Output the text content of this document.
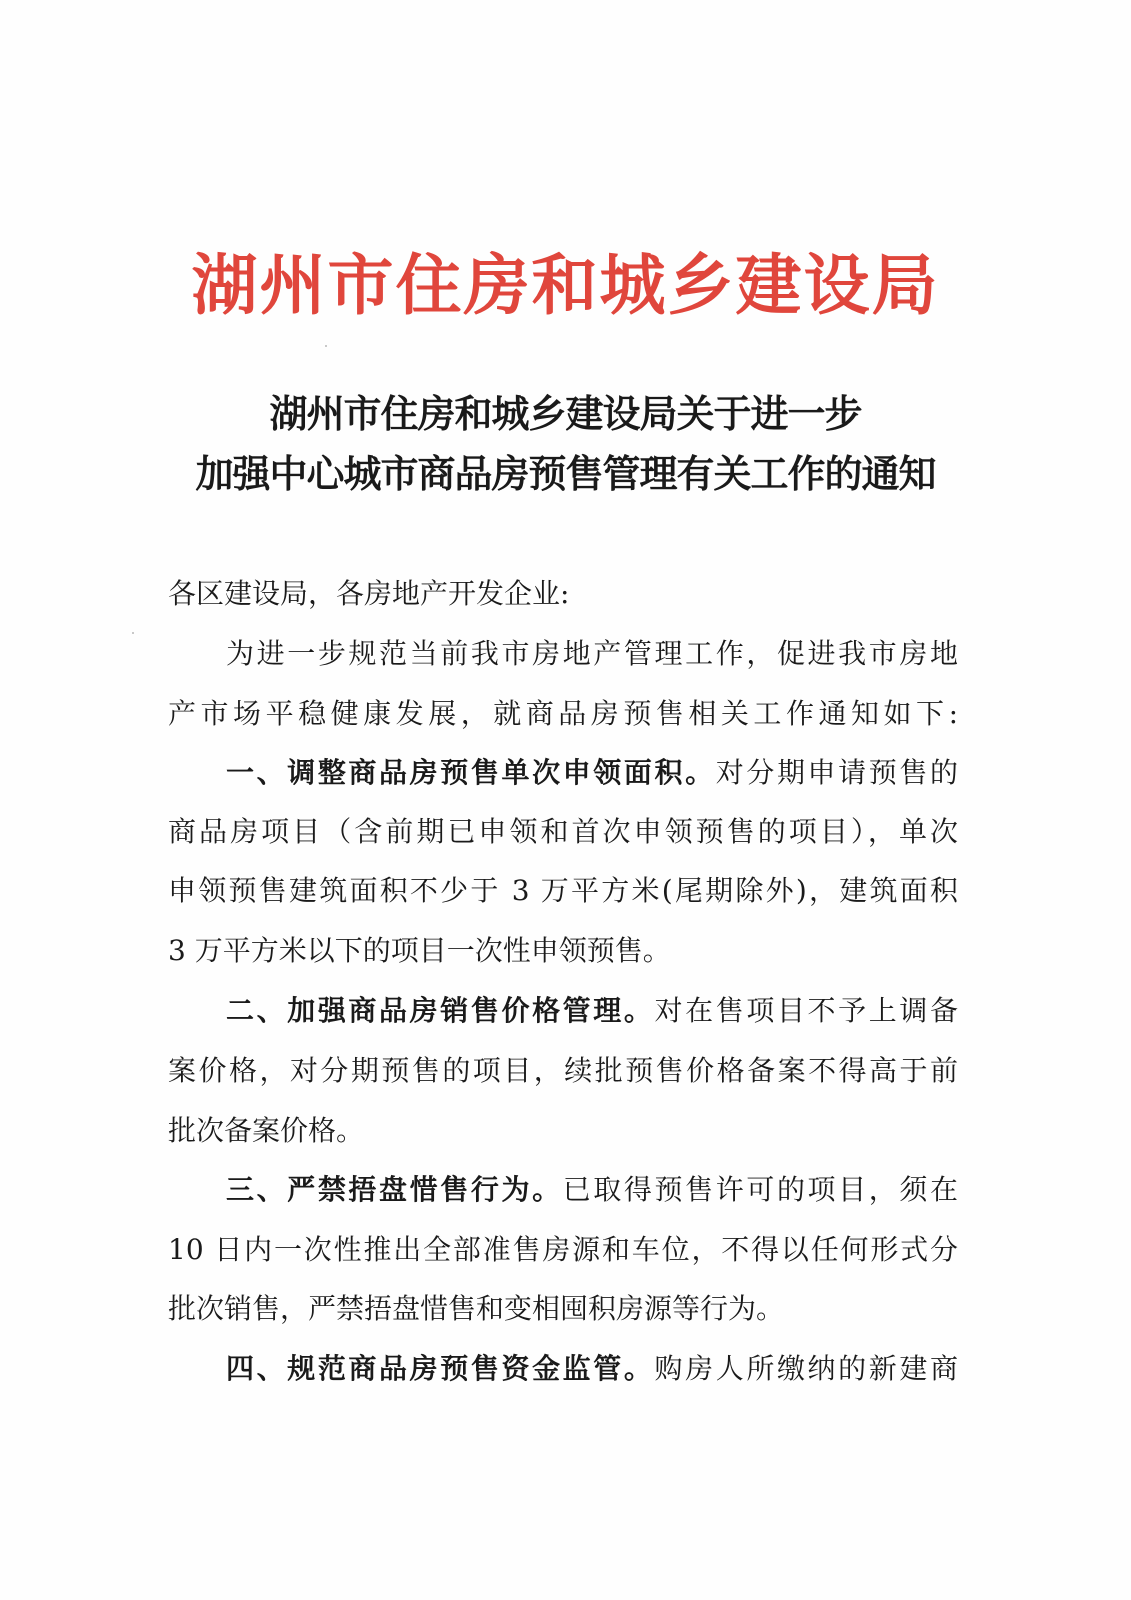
湖州市住房和城乡建设局
湖州市住房和城乡建设局关于进一步
加强中心城市商品房预售管理有关工作的通知
各区建设局，各房地产开发企业:
为进一步规范当前我市房地产管理工作，促进我市房地
产市场平稳健康发展，就商品房预售相关工作通知如下:
一、调整商品房预售单次申领面积。对分期申请预售的
商品房项目（含前期已申领和首次申领预售的项目），单次
申领预售建筑面积不少于 3 万平方米(尾期除外)，建筑面积
3 万平方米以下的项目一次性申领预售。
二、加强商品房销售价格管理。对在售项目不予上调备
案价格，对分期预售的项目，续批预售价格备案不得高于前
批次备案价格。
三、严禁捂盘惜售行为。已取得预售许可的项目，须在
10 日内一次性推出全部准售房源和车位，不得以任何形式分
批次销售，严禁捂盘惜售和变相囤积房源等行为。
四、规范商品房预售资金监管。购房人所缴纳的新建商
